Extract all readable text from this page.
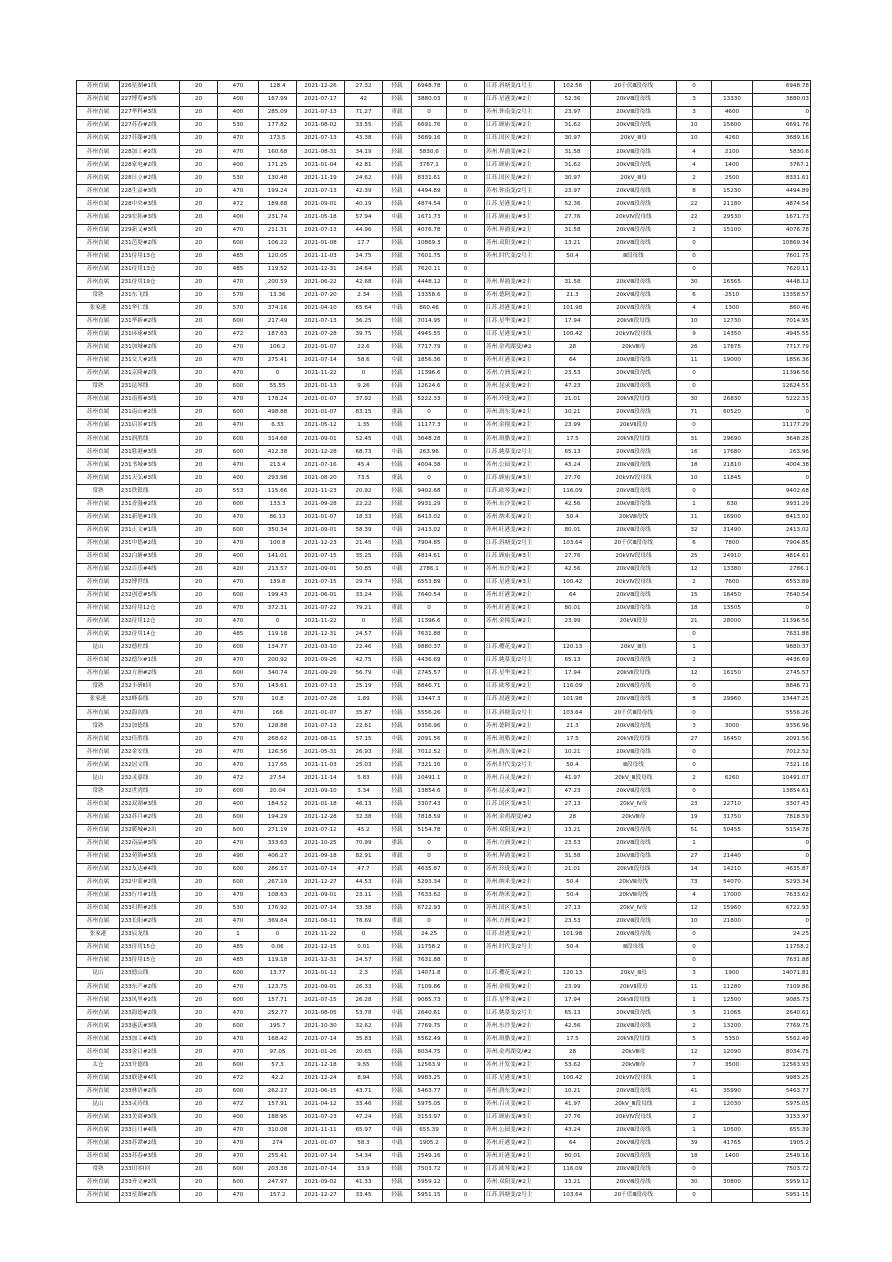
苏州直属	226星湖#1线	20	470	128.4	2021-12-26	27.32	轻载	6948.78	0	江苏.斜塘变/1号主	102.56	20千伏Ⅲ段母线	0		6948.78
苏州直属	227博览#3线	20	400	167.99	2021-07-17	42	轻载	3880.03	0	江苏.星港变/#2主	52.36	20kVⅢ段母线	3	13330	3880.03
苏州直属	227华科#3线	20	400	285.09	2021-07-13	71.27	重载	0	0	苏州.钟南变/2号主	23.97	20kVⅢ段母线	3	4600	0
苏州直属	227苏春#2线	20	530	177.82	2021-08-02	33.55	轻载	6691.76	0	江苏.顾庙变/#2主	31.62	20kVⅢ段母线	10	15600	6691.76
苏州直属	227苏滕#2线	20	470	173.5	2021-07-13	43.38	轻载	3689.16	0	江苏.国区变/#2主	30.97	20kV_Ⅲ母	10	4260	3689.16
苏州直属	228加工#2线	20	470	160.68	2021-08-31	34.19	轻载	5830.6	0	苏州.界浦变/#2主	31.58	20kVⅢ段母线	4	2100	5830.6
苏州直属	228家电#2线	20	400	171.25	2021-01-04	42.81	轻载	3767.1	0	江苏.顾庙变/#2主	31.62	20kVⅢ段母线	4	1400	3767.1
苏州直属	228日立#2线	20	530	130.48	2021-11-19	24.62	轻载	8331.61	0	江苏.国区变/#2主	30.97	20kV_Ⅲ母	2	2500	8331.61
苏州直属	228生益#3线	20	470	199.24	2021-07-13	42.39	轻载	4494.89	0	苏州.钟南变/2号主	23.97	20kVⅢ段母线	8	15230	4494.89
苏州直属	228中央#3线	20	472	189.68	2021-09-01	40.19	轻载	4874.54	0	江苏.星港变/#2主	52.36	20kVⅢ段母线	22	21180	4874.54
苏州直属	229宏拓#3线	20	400	231.74	2021-05-18	57.94	中载	1671.73	0	江苏.顾庙变/#3主	27.76	20kVⅣ段母线	22	29530	1671.73
苏州直属	229新义#3线	20	470	211.31	2021-07-13	44.96	轻载	4076.78	0	苏州.界浦变/#2主	31.58	20kVⅢ段母线	2	15100	4076.78
苏州直属	231芭堤#2线	20	600	106.22	2021-01-08	17.7	轻载	10869.3	0	苏州.双阳变/#2主	13.21	20kVⅢ段母线	0		10869.34
苏州直属	231待用13仓	20	485	120.05	2021-11-03	24.75	轻载	7601.75	0	苏州.时代变/2号主	50.4	Ⅲ段母线	0		7601.75
苏州直属	231待用13仓	20	485	119.52	2021-12-31	24.64	轻载	7620.11	0				0		7620.11
苏州直属	231待用19仓	20	470	200.59	2021-06-22	42.68	轻载	4448.12	0	苏州.界浦变/#2主	31.58	20kVⅢ段母线	30	16565	4448.12
常熟	231东飞线	20	570	13.36	2021-07-20	2.34	轻载	13358.6	0	苏州.德阿变/#2主	21.3	20kVⅢ段母线	6	2510	13358.57
张家港	231华仁线	20	570	374.16	2021-04-10	65.64	中载	860.46	0	江苏.晨港变/#2主	101.98	20kVⅢ段母线	4	1300	860.46
苏州直属	231华新#2线	20	600	217.49	2021-07-13	36.25	轻载	7014.95	0	江苏.星华变/#2主	17.94	20kVⅡ段母线	10	12730	7014.95
苏州直属	231环球#3线	20	472	187.63	2021-07-28	39.75	轻载	4945.55	0	江苏.星港变/#3主	100.42	20kVⅣ段母线	9	14350	4945.55
苏州直属	231加城#2线	20	470	106.2	2021-01-07	22.6	轻载	7717.79	0	苏州.金鸡湖变/#2	28	20kVⅢ母	26	17875	7717.79
苏州直属	231交大#2线	20	470	275.41	2021-07-14	58.6	中载	1856.36	0	苏州.旺港变/#2主	64	20kVⅢ段母线	11	19000	1856.36
苏州直属	231京隆#2线	20	470	0	2021-11-22	0	轻载	11396.6	0	苏州.方洲变/#2主	23.53	20kVⅢ段母线	0		11396.56
常熟	231昆琴线	20	600	55.55	2021-01-13	9.26	轻载	12624.6	0	苏州.昆承变/#2主	47.23	20kVⅢ段母线	0		12624.55
苏州直属	231南蔡#3线	20	470	178.24	2021-01-07	37.92	轻载	5222.33	0	苏州.玲珑变/#2主	21.01	20kVⅡ段母线	30	26830	5222.33
苏州直属	231南山#2线	20	600	498.88	2021-01-07	83.15	重载	0	0	苏州.润东变/#2主	10.21	20kVⅢ段母线	71	60520	0
苏州直属	231启景#1线	20	470	6.33	2021-05-12	1.35	轻载	11177.3	0	苏州.金撞变/#2主	23.99	20kVⅡ段母	0		11177.29
苏州直属	231润胜线	20	600	314.68	2021-09-01	52.45	中载	3648.28	0	苏州.斑腊变/#2主	17.5	20kVⅡ段母线	31	29690	3648.28
苏州直属	231胜港#3线	20	600	412.38	2021-12-28	68.73	中载	263.96	0	江苏.姚慕变/2号主	65.13	20kVⅢ段母线	16	17680	263.96
苏州直属	231书城#3线	20	470	213.4	2021-07-16	45.4	轻载	4004.38	0	苏州.公园变/#2主	43.24	20kVⅢ段母线	18	21810	4004.38
苏州直属	231天弘#3线	20	400	293.98	2021-08-20	73.5	重载	0	0	江苏.顾庙变/#3主	27.76	20kVⅣ段母线	10	11845	0
常熟	231铁银线	20	553	115.66	2021-11-23	20.92	轻载	9402.68	0	江苏.欧琴变/#2主	116.09	20kVⅢ段母线	0		9402.68
苏州直属	231香漫#2线	20	600	133.3	2021-09-28	22.22	轻载	9931.29	0	苏州.东沙变/#2主	42.56	20kVⅢ段母线	1	630	9931.29
苏州直属	231新旭#1线	20	470	86.13	2021-01-07	18.33	轻载	8413.02	0	苏州.纳米变/#2主	50.4	20kVⅢ母线	11	16900	8413.02
苏州直属	231正文#1线	20	600	350.34	2021-09-01	58.39	中载	2413.02	0	苏州.旺港变/#2主	80.01	20kVⅢ段母线	32	31490	2413.02
苏州直属	231中德#2线	20	470	100.8	2021-12-23	21.45	轻载	7904.85	0	江苏.斜塘变/2号主	103.64	20千伏Ⅲ段母线	6	7800	7904.85
苏州直属	232白塘#3线	20	400	141.01	2021-07-15	35.25	轻载	4814.61	0	江苏.顾庙变/#3主	27.76	20kVⅣ段母线	25	24910	4814.61
苏州直属	232百乐#4线	20	420	213.57	2021-09-01	50.85	中载	2786.1	0	苏州.东沙变/#2主	42.56	20kVⅢ段母线	12	13380	2786.1
苏州直属	232博世线	20	470	139.8	2021-07-15	29.74	轻载	6553.89	0	江苏.星港变/#3主	100.42	20kVⅣ段母线	2	7600	6553.89
苏州直属	232创意#5线	20	600	199.43	2021-06-01	33.24	轻载	7640.54	0	苏州.旺港变/#2主	64	20kVⅢ段母线	15	18450	7640.54
苏州直属	232待用12仓	20	470	372.31	2021-07-22	79.21	重载	0	0	苏州.旺港变/#2主	80.01	20kVⅢ段母线	18	13505	0
苏州直属	232待用12仓	20	470	0	2021-11-22	0	轻载	11396.6	0	苏州.金撞变/#2主	23.99	20kVⅡ段母	21	28000	11396.56
苏州直属	232待用14仓	20	485	119.18	2021-12-31	24.57	轻载	7631.88	0				0		7631.88
昆山	232德杜线	20	600	134.77	2021-03-10	22.46	轻载	9880.37	0	江苏.樱花变/#2主	120.13	20kV_Ⅲ母	1		9880.37
苏州直属	232德尔#1线	20	470	200.92	2021-09-26	42.75	轻载	4436.69	0	江苏.姚慕变/2号主	65.13	20kVⅢ段母线	2		4436.69
苏州直属	232方洲#2线	20	600	340.74	2021-09-29	56.79	中载	2745.57	0	江苏.星华变/#2主	17.94	20kVⅡ段母线	12	16150	2745.57
常熟	232丰研Ⅱ回	20	570	143.61	2021-07-13	25.19	轻载	8846.71	0	江苏.欧琴变/#2主	116.09	20kVⅢ段母线	0		8846.71
张家港	232峰泰线	20	570	10.8	2021-07-28	1.89	轻载	13447.3	0	江苏.晨港变/#2主	101.98	20kVⅢ段母线	8	29960	13447.25
苏州直属	232海沟线	20	470	168	2021-01-07	35.87	轻载	5556.26	0	江苏.斜塘变/2号主	103.64	20千伏Ⅲ段母线	0		5556.26
常熟	232加德线	20	570	128.88	2021-07-13	22.61	轻载	9356.96	0	苏州.德阿变/#2主	21.3	20kVⅢ段母线	3	3000	9356.96
苏州直属	232佳胜线	20	470	268.62	2021-08-11	57.15	中载	2091.56	0	苏州.斑腊变/#2主	17.5	20kVⅡ段母线	27	16450	2091.56
苏州直属	232金安线	20	470	126.56	2021-05-31	26.93	轻载	7012.52	0	苏州.润东变/#2主	10.21	20kVⅢ段母线	0		7012.52
苏州直属	232居文线	20	470	117.65	2021-11-03	25.03	轻载	7321.16	0	苏州.时代变/2号主	50.4	Ⅲ段母线	0		7321.16
昆山	232灵嘉线	20	472	27.54	2021-11-14	5.83	轻载	10491.1	0	苏州.百灵变/#2主	41.97	20kV_Ⅲ段母线	2	6260	10491.07
常熟	232世湾线	20	600	20.04	2021-09-10	3.34	轻载	13854.6	0	苏州.昆承变/#2主	47.23	20kVⅢ段母线	0		13854.61
苏州直属	232双湖#3线	20	400	184.52	2021-01-18	46.13	轻载	3307.43	0	江苏.国区变/#3主	27.13	20kV_Ⅳ母	23	22710	3307.43
苏州直属	232苏月#2线	20	600	194.29	2021-12-28	32.38	轻载	7818.59	0	苏州.金鸡湖变/#2	28	20kVⅢ母	19	31750	7818.59
苏州直属	232暖城#2出	20	600	271.19	2021-07-12	45.2	轻载	5154.78	0	苏州.双阳变/#2主	13.21	20kVⅢ段母线	51	50455	5154.78
苏州直属	232南晶#3线	20	470	333.63	2021-10-25	70.99	重载	0	0	苏州.方洲变/#2主	23.53	20kVⅢ段母线	1		0
苏州直属	232苑锦#3线	20	490	406.27	2021-09-18	82.91	重载	0	0	苏州.界浦变/#2主	31.58	20kVⅢ段母线	27	21440	0
苏州直属	232友达#4线	20	600	286.17	2021-07-14	47.7	轻载	4635.87	0	苏州.玲珑变/#2主	21.01	20kVⅡ段母线	14	14210	4635.87
苏州直属	232中蒙#2线	20	600	267.19	2021-12-27	44.53	轻载	5293.34	0	苏州.纳米变/#2主	50.4	20kVⅢ母线	73	54070	5293.34
苏州直属	233行川#1线	20	470	108.63	2021-09-01	23.11	轻载	7633.62	0	苏州.纳米变/#2主	50.4	20kVⅢ母线	4	17000	7633.62
苏州直属	233归程#2线	20	530	176.92	2021-07-14	33.38	轻载	6722.93	0	苏州.国区变/#3主	27.13	20kV_Ⅳ母	12	15960	6722.93
苏州直属	233长阳#2线	20	470	369.84	2021-08-11	78.69	重载	0	0	苏州.方洲变/#2主	23.53	20kVⅢ段母线	10	21800	0
张家港	233辰龙线	20	1	0	2021-11-22	0	轻载	24.25	0	江苏.晨港变/#2主	101.98	20kVⅢ段母线	0		24.25
苏州直属	233待用15仓	20	485	0.06	2021-12-15	0.01	轻载	11758.2	0	苏州.时代变/2号主	50.4	Ⅲ段母线	0		11758.2
苏州直属	233待用15仓	20	485	119.18	2021-12-31	24.57	轻载	7631.88	0				0		7631.88
昆山	233德山线	20	600	13.77	2021-01-12	2.3	轻载	14071.8	0	江苏.樱花变/#2主	120.13	20kV_Ⅲ母	3	1900	14071.81
苏州直属	233东产#2线	20	470	123.75	2021-09-01	26.33	轻载	7109.86	0	苏州.金撞变/#2主	23.99	20kVⅡ段母	11	11280	7109.86
苏州直属	233凤里#2线	20	600	157.71	2021-07-15	26.28	轻载	9085.73	0	江苏.星华变/#2主	17.94	20kVⅡ段母线	1	12500	9085.73
苏州直属	233海德#2线	20	470	252.77	2021-08-05	53.78	中载	2640.61	0	江苏.姚慕变/2号主	65.13	20kVⅢ段母线	5	11065	2640.61
苏州直属	233惠氏#3线	20	600	195.7	2021-10-30	32.62	轻载	7769.75	0	苏州.东沙变/#2主	42.56	20kVⅢ段母线	2	13200	7769.75
苏州直属	233加工#4线	20	470	168.42	2021-07-14	35.83	轻载	5562.49	0	苏州.斑腊变/#2主	17.5	20kVⅡ段母线	5	5350	5562.49
苏州直属	233金日#2线	20	470	97.05	2021-01-26	20.65	轻载	8034.75	0	苏州.金鸡湖变/#2	28	20kVⅢ母	12	12090	8034.75
太仓	233开德线	20	600	57.3	2021-12-18	9.55	轻载	12563.9	0	苏州.开发变/#2主	53.62	20kVⅢ母	7	3500	12563.93
苏州直属	233联建#4线	20	472	42.2	2021-12-24	8.94	轻载	9983.25	0	江苏.星港变/#3主	100.42	20kVⅣ段母线	1		9983.25
苏州直属	233林语#2线	20	600	262.27	2021-06-15	43.71	轻载	5463.77	0	苏州.润东变/#2主	10.21	20kVⅢ段母线	41	35990	5463.77
昆山	233灵玲线	20	472	157.91	2021-04-12	33.46	轻载	5975.05	0	苏州.百灵变/#2主	41.97	20kV_Ⅲ段母线	2	12030	5975.05
苏州直属	233美商#3线	20	400	188.95	2021-07-23	47.24	轻载	3153.97	0	江苏.顾庙变/#3主	27.76	20kVⅣ段母线	2		3153.97
苏州直属	233日月#4线	20	470	310.08	2021-11-11	65.97	中载	655.39	0	苏州.公园变/#2主	43.24	20kVⅢ段母线	1	10500	655.39
苏州直属	233苏谭#2线	20	470	274	2021-01-07	58.3	中载	1905.2	0	苏州.旺港变/#2主	64	20kVⅢ段母线	39	41765	1905.2
苏州直属	233苏春#3线	20	470	255.41	2021-07-14	54.34	中载	2549.16	0	苏州.旺港变/#2主	80.01	20kVⅢ段母线	18	1400	2549.16
常熟	233田零Ⅰ回	20	600	203.38	2021-07-14	33.9	轻载	7503.72	0	江苏.欧琴变/#2主	116.09	20kVⅢ段母线	0		7503.72
苏州直属	233齐文#2线	20	600	247.97	2021-09-02	41.33	轻载	5959.12	0	苏州.双阳变/#2主	13.21	20kVⅢ段母线	30	30800	5959.12
苏州直属	233星湖#2线	20	470	157.2	2021-12-27	33.45	轻载	5951.15	0	江苏.斜塘变/2号主	103.64	20千伏Ⅲ段母线	0		5951.15
